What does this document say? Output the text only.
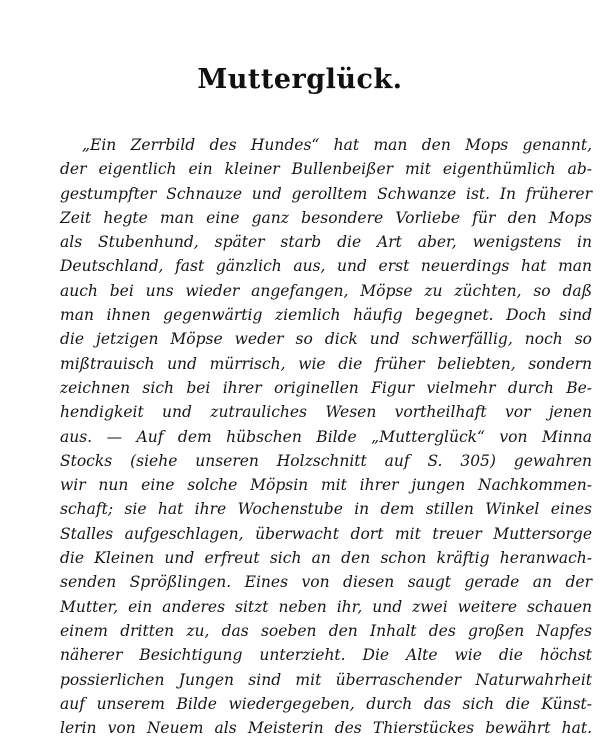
Mutterglück.
„Ein Zerrbild des Hundes“ hat man den Mops genannt,
der eigentlich ein kleiner Bullenbeißer mit eigenthümlich ab-
gestumpfter Schnauze und gerolltem Schwanze ist. In früherer
Zeit hegte man eine ganz besondere Vorliebe für den Mops
als Stubenhund, später starb die Art aber, wenigstens in
Deutschland, fast gänzlich aus, und erst neuerdings hat man
auch bei uns wieder angefangen, Möpse zu züchten, so daß
man ihnen gegenwärtig ziemlich häufig begegnet. Doch sind
die jetzigen Möpse weder so dick und schwerfällig, noch so
mißtrauisch und mürrisch, wie die früher beliebten, sondern
zeichnen sich bei ihrer originellen Figur vielmehr durch Be-
hendigkeit und zutrauliches Wesen vortheilhaft vor jenen
aus. — Auf dem hübschen Bilde „Mutterglück“ von Minna
Stocks (siehe unseren Holzschnitt auf S. 305) gewahren
wir nun eine solche Möpsin mit ihrer jungen Nachkommen-
schaft; sie hat ihre Wochenstube in dem stillen Winkel eines
Stalles aufgeschlagen, überwacht dort mit treuer Muttersorge
die Kleinen und erfreut sich an den schon kräftig heranwach-
senden Sprößlingen. Eines von diesen saugt gerade an der
Mutter, ein anderes sitzt neben ihr, und zwei weitere schauen
einem dritten zu, das soeben den Inhalt des großen Napfes
näherer Besichtigung unterzieht. Die Alte wie die höchst
possierlichen Jungen sind mit überraschender Naturwahrheit
auf unserem Bilde wiedergegeben, durch das sich die Künst-
lerin von Neuem als Meisterin des Thierstückes bewährt hat.
